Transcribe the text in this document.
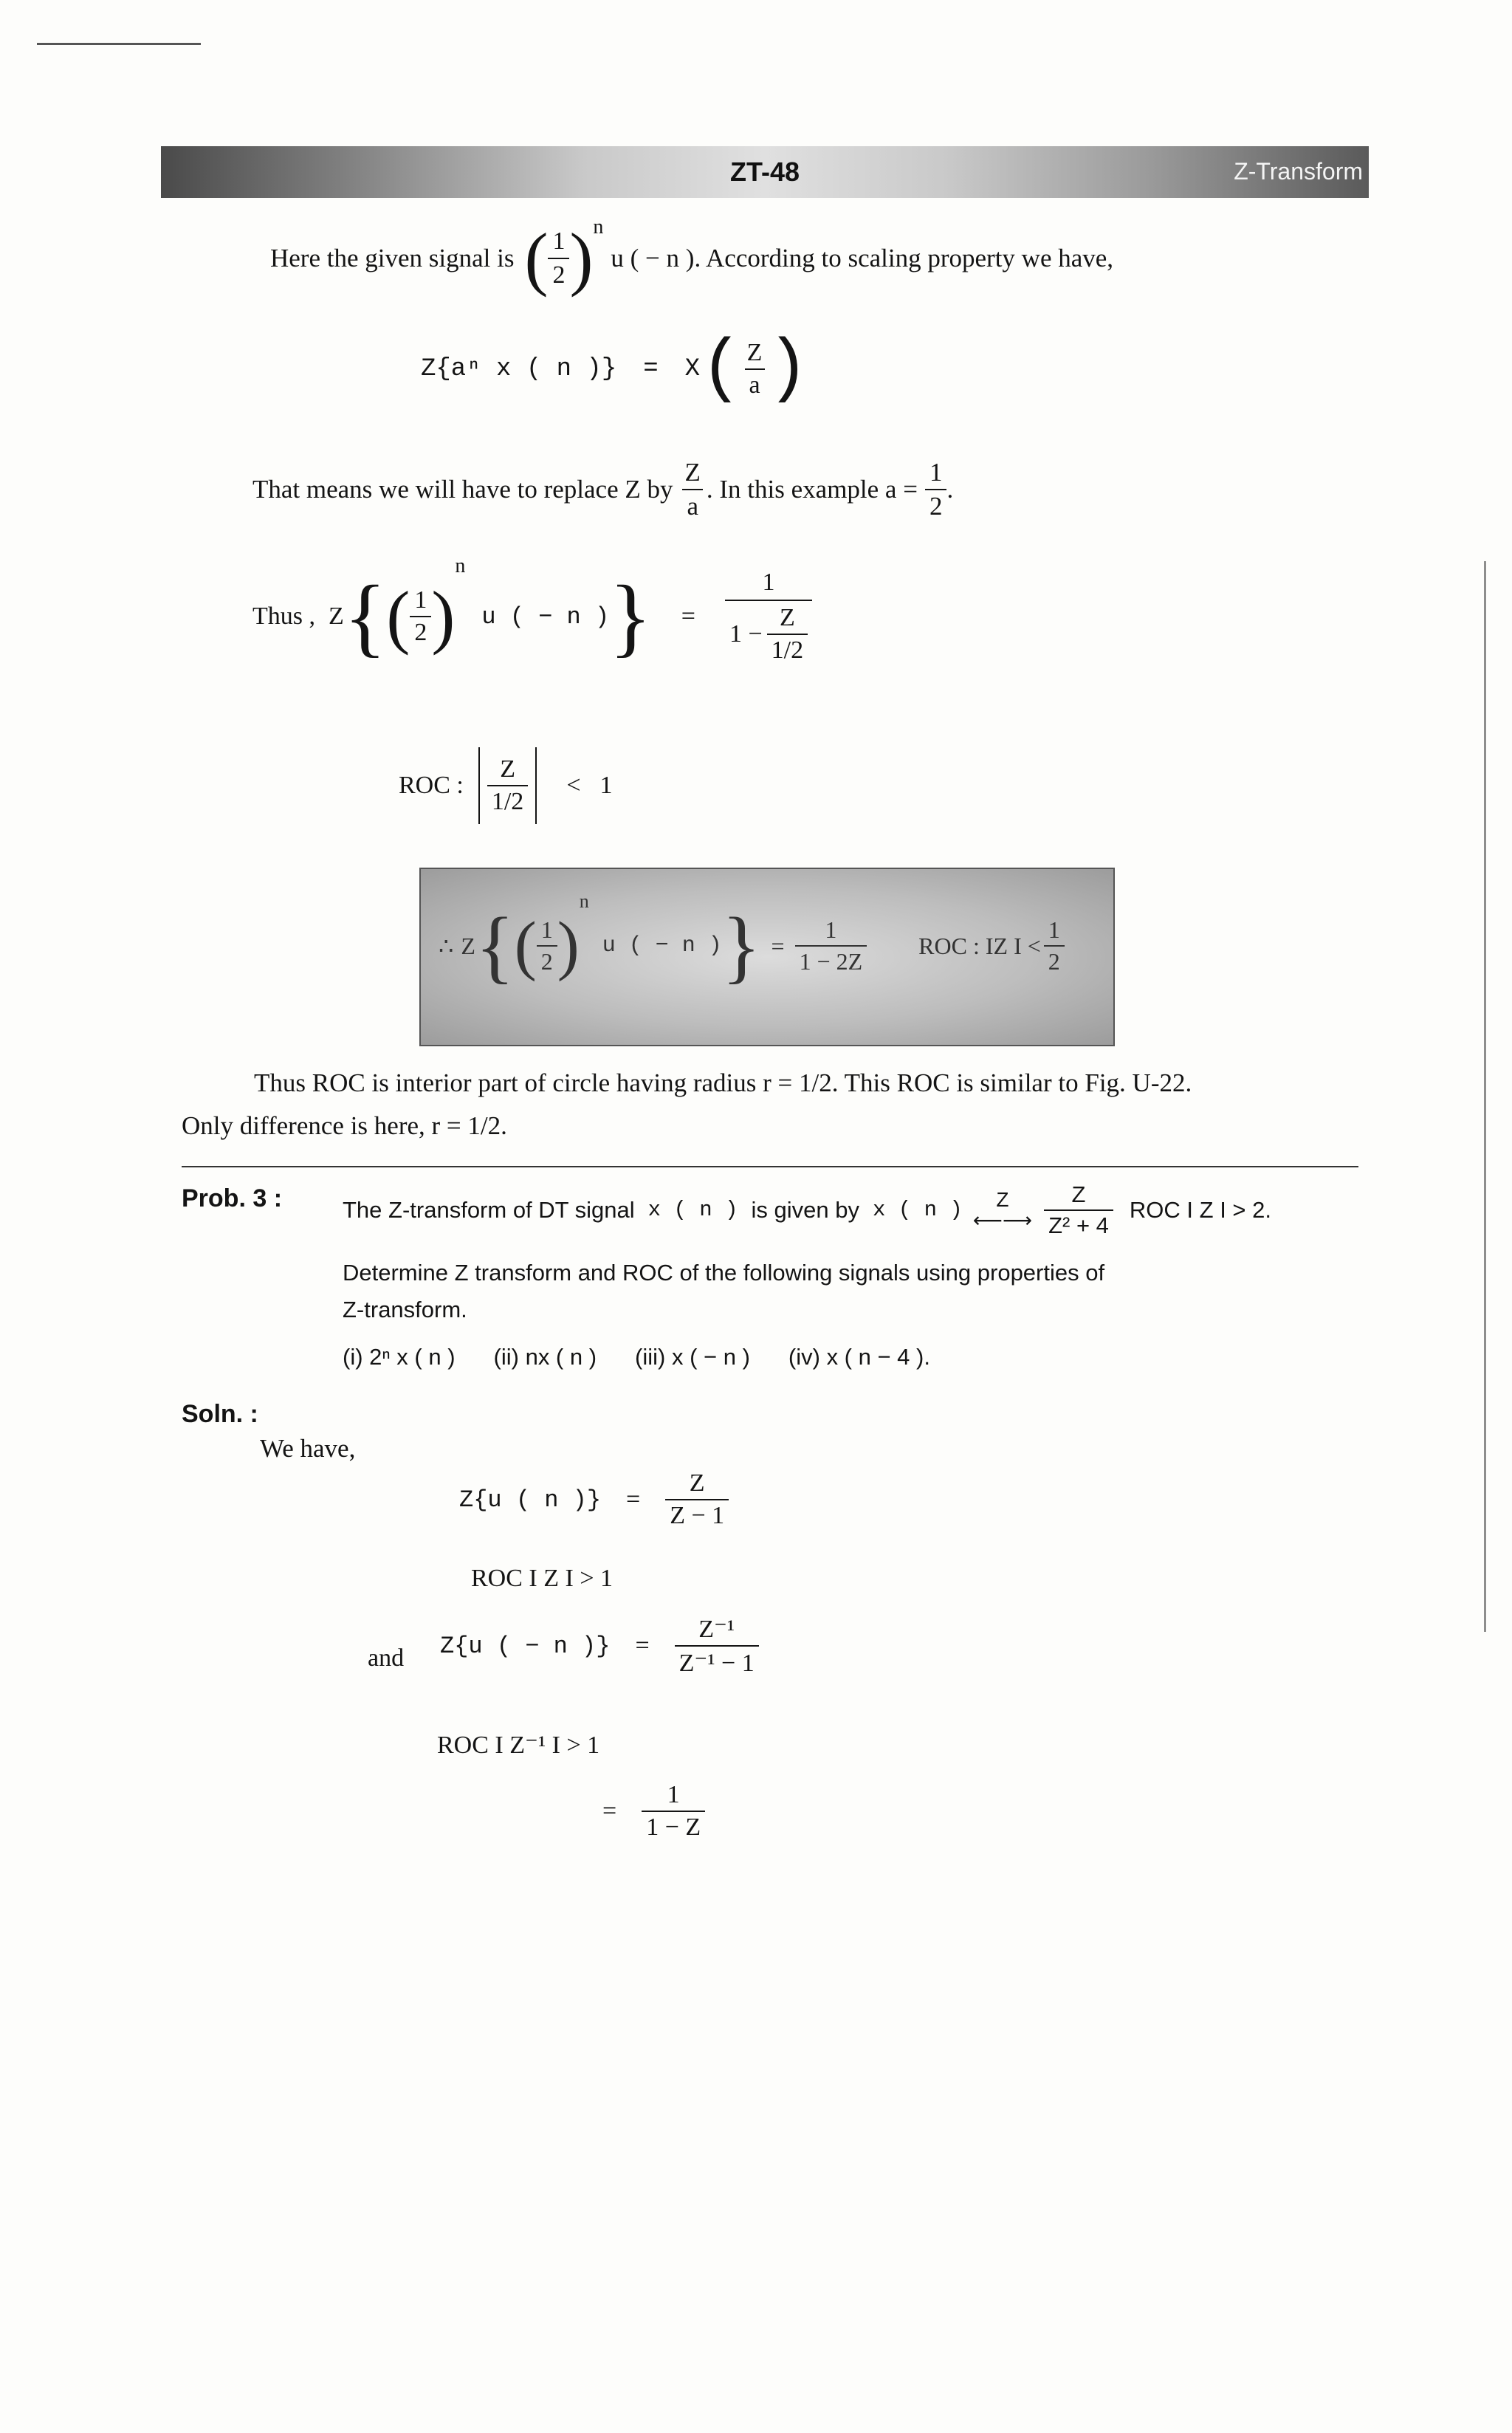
ZT-48	Z-Transform
Here the given signal is ( $\frac{1}{2}$ ) n
u ( − n ). According to scaling property we have,
Z{aⁿ x ( n )} = X ( $\frac{Z}{a}$ )
That means we will have to replace Z by $\frac{Z}{a}$ . In this example $a = \frac{1}{2}$ .
Thus , Z { ( $\frac{1}{2}$ )
n
u ( − n ) } = $\frac{1}{1 - \frac{Z}{1/2}}$
ROC : $\frac{Z}{1/2} < 1$
∴ Z { ( $\frac{1}{2}$ )
n
u ( − n ) } = $\frac{1}{1 - 2Z}$ ROC : IZ $I < \frac{1}{2}$
Thus ROC is interior part of circle having radius r = 1/2. This ROC is similar to Fig. U-22.
Only difference is here, r = 1/2.
Prob. 3 :	The Z-transform of DT signal x ( n ) is given by x ( n ) Z
⟵⟶ $\frac{Z}{\text{Z² + 4}}$ ROC I Z I > 2.
Determine Z transform and ROC of the following signals using properties of
Z-transform.
(i) 2ⁿ x ( n ) (ii) nx ( n ) (iii) x ( − n ) (iv) x ( n − 4 ).
Soln. :
We have,
Z{u ( n )} = $\frac{Z}{Z - 1}$
ROC I Z I > 1
and Z{u ( − n )} = $\frac{\text{Z⁻¹}}{\text{Z⁻¹ − 1}}$
ROC I Z⁻¹ I > 1
= $\frac{1}{1 - Z}$
